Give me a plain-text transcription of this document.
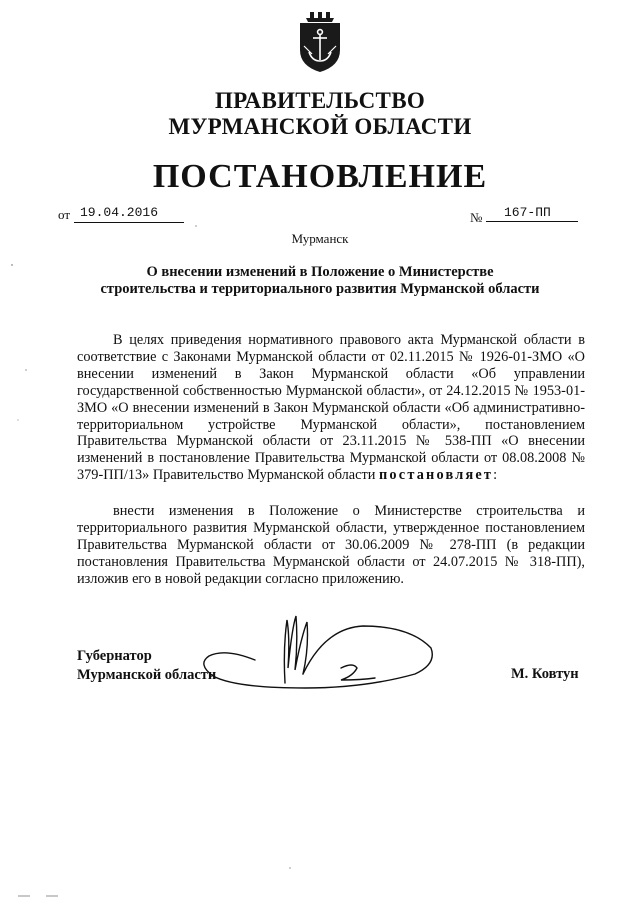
ПРАВИТЕЛЬСТВО
МУРМАНСКОЙ ОБЛАСТИ
ПОСТАНОВЛЕНИЕ
от 19.04.2016	№	167-ПП
Мурманск
О внесении изменений в Положение о Министерстве
строительства и территориального развития Мурманской области
В целях приведения нормативного правового акта Мурманской области в соответствие с Законами Мурманской области от 02.11.2015 № 1926-01-ЗМО «О внесении изменений в Закон Мурманской области «Об управлении государственной собственностью Мурманской области», от 24.12.2015 № 1953-01-ЗМО «О внесении изменений в Закон Мурманской области «Об административно-территориальном устройстве Мурманской области», постановлением Правительства Мурманской области от 23.11.2015 № 538-ПП «О внесении изменений в постановление Правительства Мурманской области от 08.08.2008 № 379-ПП/13» Правительство Мурманской области постановляет:
внести изменения в Положение о Министерстве строительства и территориального развития Мурманской области, утвержденное постановлением Правительства Мурманской области от 30.06.2009 № 278-ПП (в редакции постановления Правительства Мурманской области от 24.07.2015 № 318-ПП), изложив его в новой редакции согласно приложению.
Губернатор
Мурманской области	М. Ковтун
